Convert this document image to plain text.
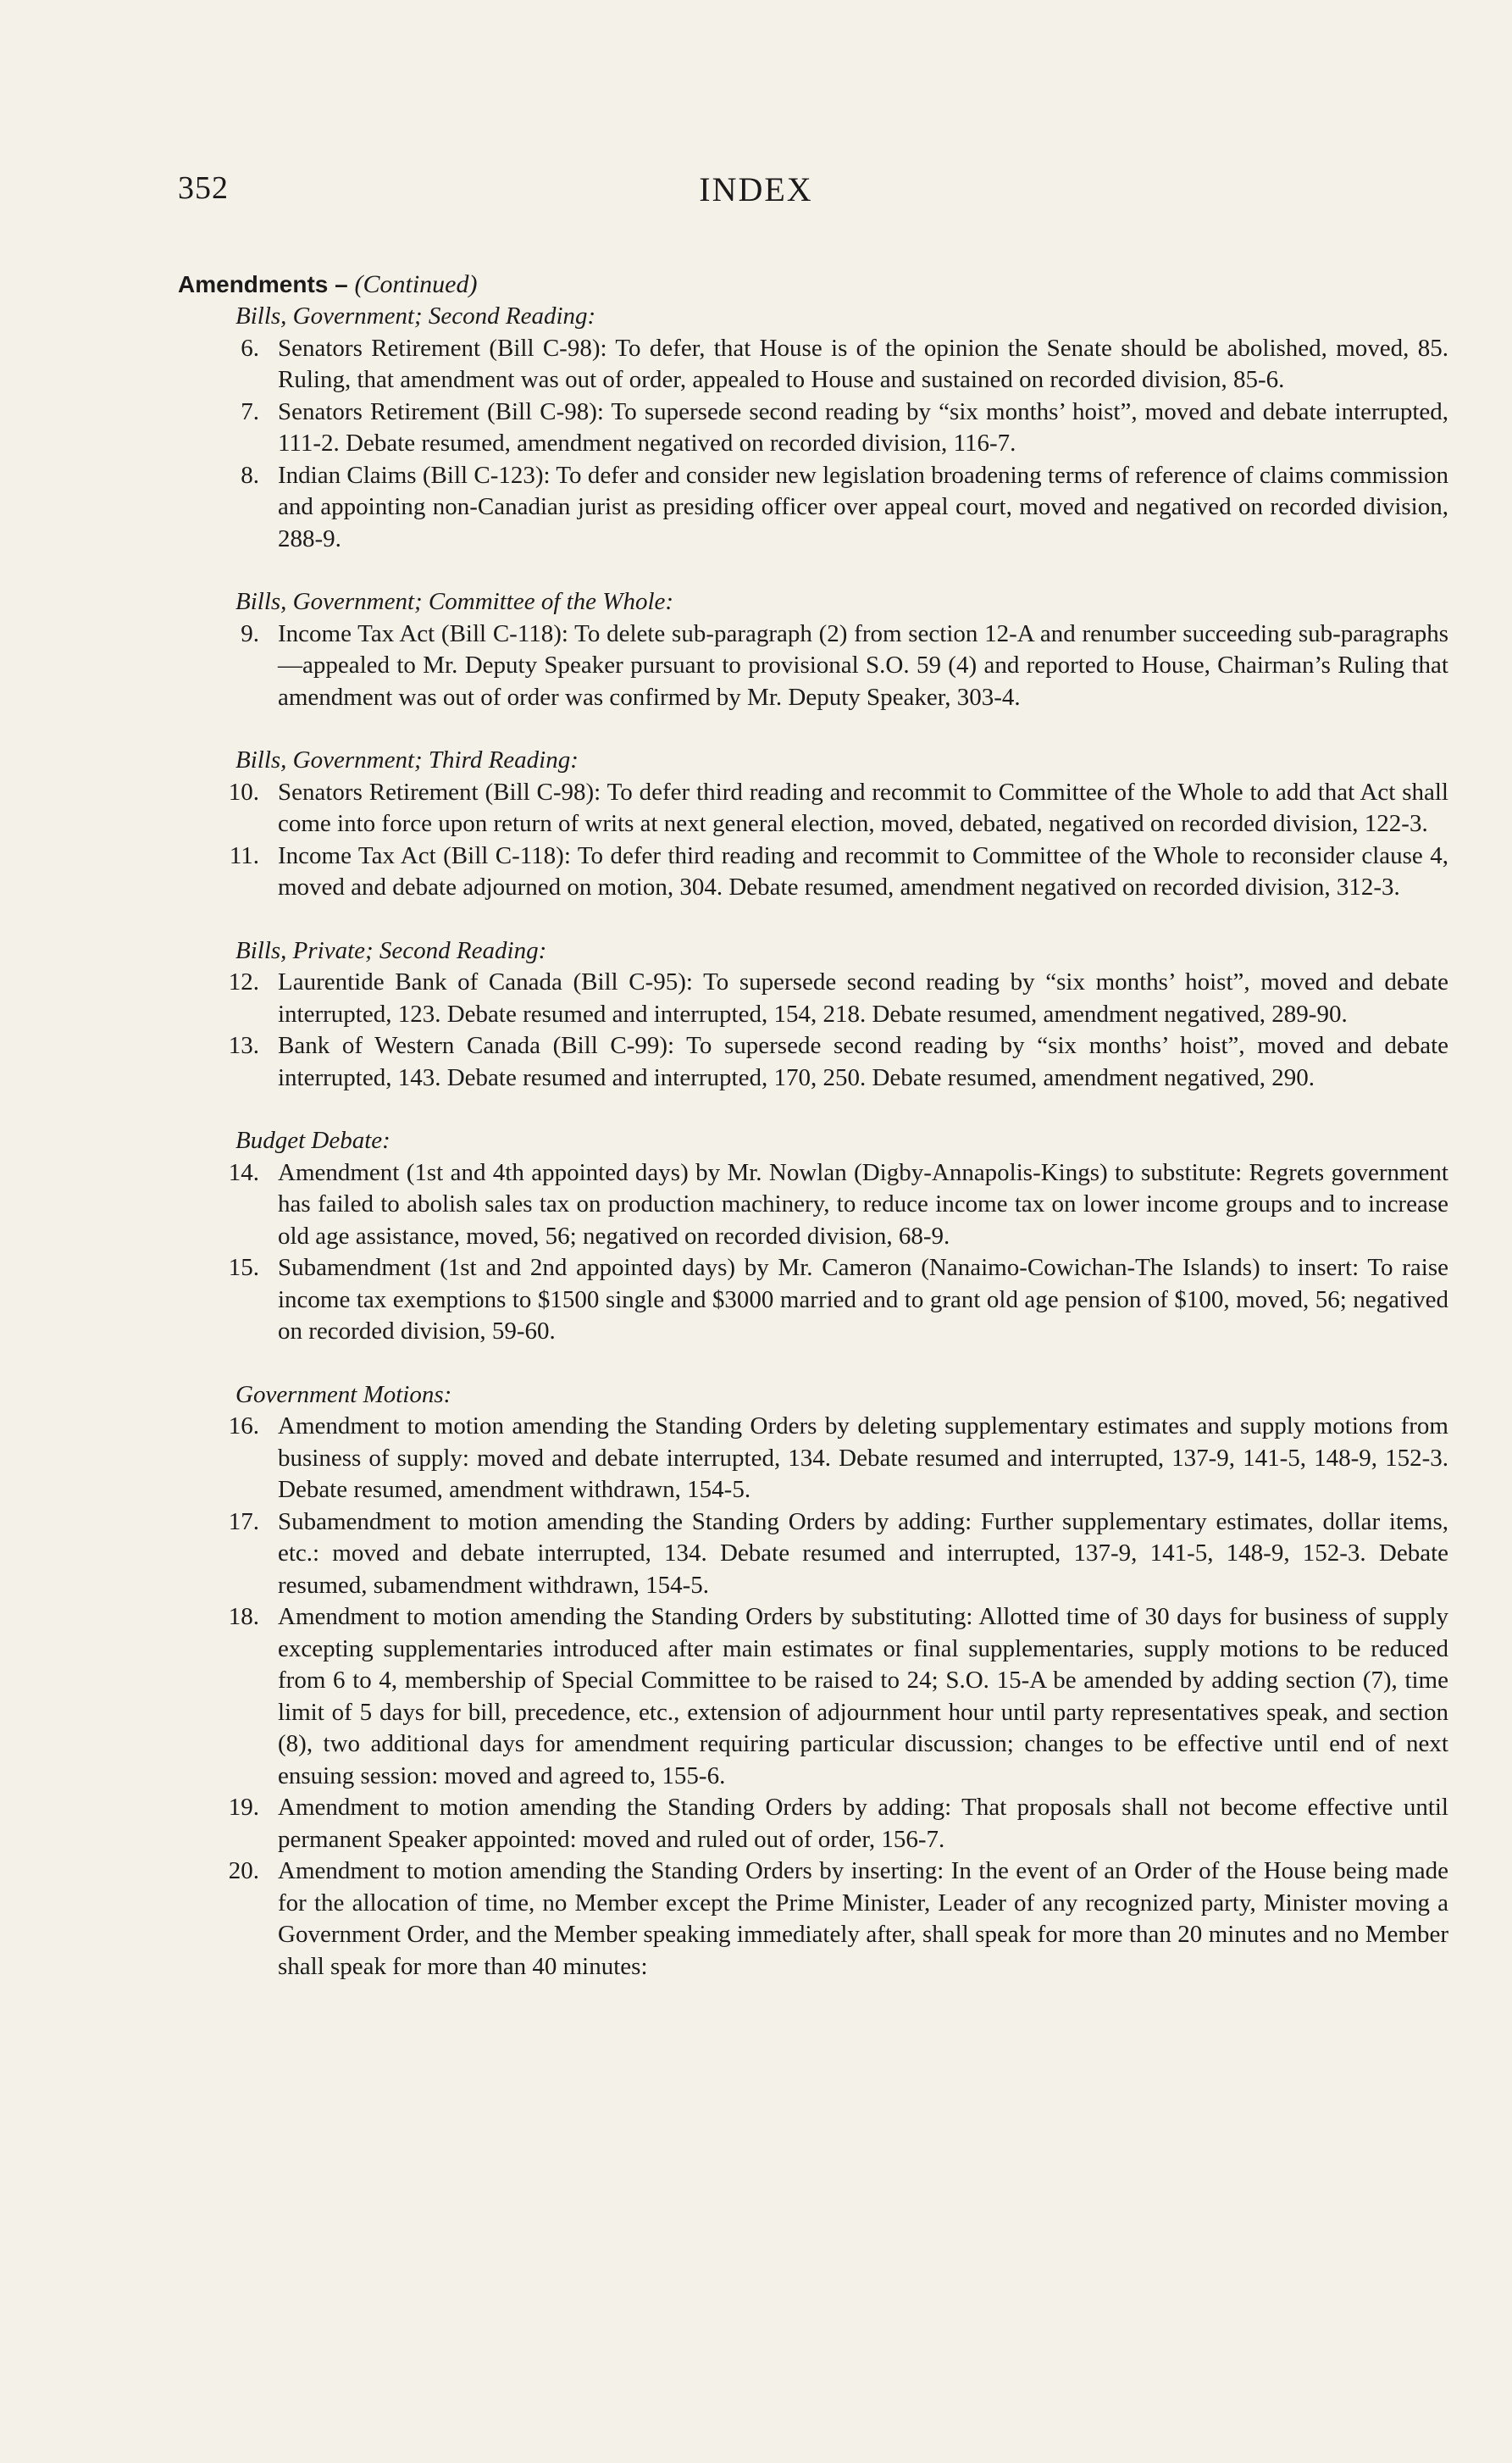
352	INDEX
Amendments – (Continued)
Bills, Government; Second Reading:
6. Senators Retirement (Bill C-98): To defer, that House is of the opinion the Senate should be abolished, moved, 85. Ruling, that amendment was out of order, appealed to House and sustained on recorded division, 85-6.
7. Senators Retirement (Bill C-98): To supersede second reading by “six months’ hoist”, moved and debate interrupted, 111-2. Debate resumed, amendment negatived on recorded division, 116-7.
8. Indian Claims (Bill C-123): To defer and consider new legislation broadening terms of reference of claims commission and appointing non-Canadian jurist as presiding officer over appeal court, moved and negatived on recorded division, 288-9.
Bills, Government; Committee of the Whole:
9. Income Tax Act (Bill C-118): To delete sub-paragraph (2) from section 12-A and renumber succeeding sub-paragraphs—appealed to Mr. Deputy Speaker pursuant to provisional S.O. 59 (4) and reported to House, Chairman’s Ruling that amendment was out of order was confirmed by Mr. Deputy Speaker, 303-4.
Bills, Government; Third Reading:
10. Senators Retirement (Bill C-98): To defer third reading and recommit to Committee of the Whole to add that Act shall come into force upon return of writs at next general election, moved, debated, negatived on recorded division, 122-3.
11. Income Tax Act (Bill C-118): To defer third reading and recommit to Committee of the Whole to reconsider clause 4, moved and debate adjourned on motion, 304. Debate resumed, amendment negatived on recorded division, 312-3.
Bills, Private; Second Reading:
12. Laurentide Bank of Canada (Bill C-95): To supersede second reading by “six months’ hoist”, moved and debate interrupted, 123. Debate resumed and interrupted, 154, 218. Debate resumed, amendment negatived, 289-90.
13. Bank of Western Canada (Bill C-99): To supersede second reading by “six months’ hoist”, moved and debate interrupted, 143. Debate resumed and interrupted, 170, 250. Debate resumed, amendment negatived, 290.
Budget Debate:
14. Amendment (1st and 4th appointed days) by Mr. Nowlan (Digby-Annapolis-Kings) to substitute: Regrets government has failed to abolish sales tax on production machinery, to reduce income tax on lower income groups and to increase old age assistance, moved, 56; negatived on recorded division, 68-9.
15. Subamendment (1st and 2nd appointed days) by Mr. Cameron (Nanaimo-Cowichan-The Islands) to insert: To raise income tax exemptions to $1500 single and $3000 married and to grant old age pension of $100, moved, 56; negatived on recorded division, 59-60.
Government Motions:
16. Amendment to motion amending the Standing Orders by deleting supplementary estimates and supply motions from business of supply: moved and debate interrupted, 134. Debate resumed and interrupted, 137-9, 141-5, 148-9, 152-3. Debate resumed, amendment withdrawn, 154-5.
17. Subamendment to motion amending the Standing Orders by adding: Further supplementary estimates, dollar items, etc.: moved and debate interrupted, 134. Debate resumed and interrupted, 137-9, 141-5, 148-9, 152-3. Debate resumed, subamendment withdrawn, 154-5.
18. Amendment to motion amending the Standing Orders by substituting: Allotted time of 30 days for business of supply excepting supplementaries introduced after main estimates or final supplementaries, supply motions to be reduced from 6 to 4, membership of Special Committee to be raised to 24; S.O. 15-A be amended by adding section (7), time limit of 5 days for bill, precedence, etc., extension of adjournment hour until party representatives speak, and section (8), two additional days for amendment requiring particular discussion; changes to be effective until end of next ensuing session: moved and agreed to, 155-6.
19. Amendment to motion amending the Standing Orders by adding: That proposals shall not become effective until permanent Speaker appointed: moved and ruled out of order, 156-7.
20. Amendment to motion amending the Standing Orders by inserting: In the event of an Order of the House being made for the allocation of time, no Member except the Prime Minister, Leader of any recognized party, Minister moving a Government Order, and the Member speaking immediately after, shall speak for more than 20 minutes and no Member shall speak for more than 40 minutes:
